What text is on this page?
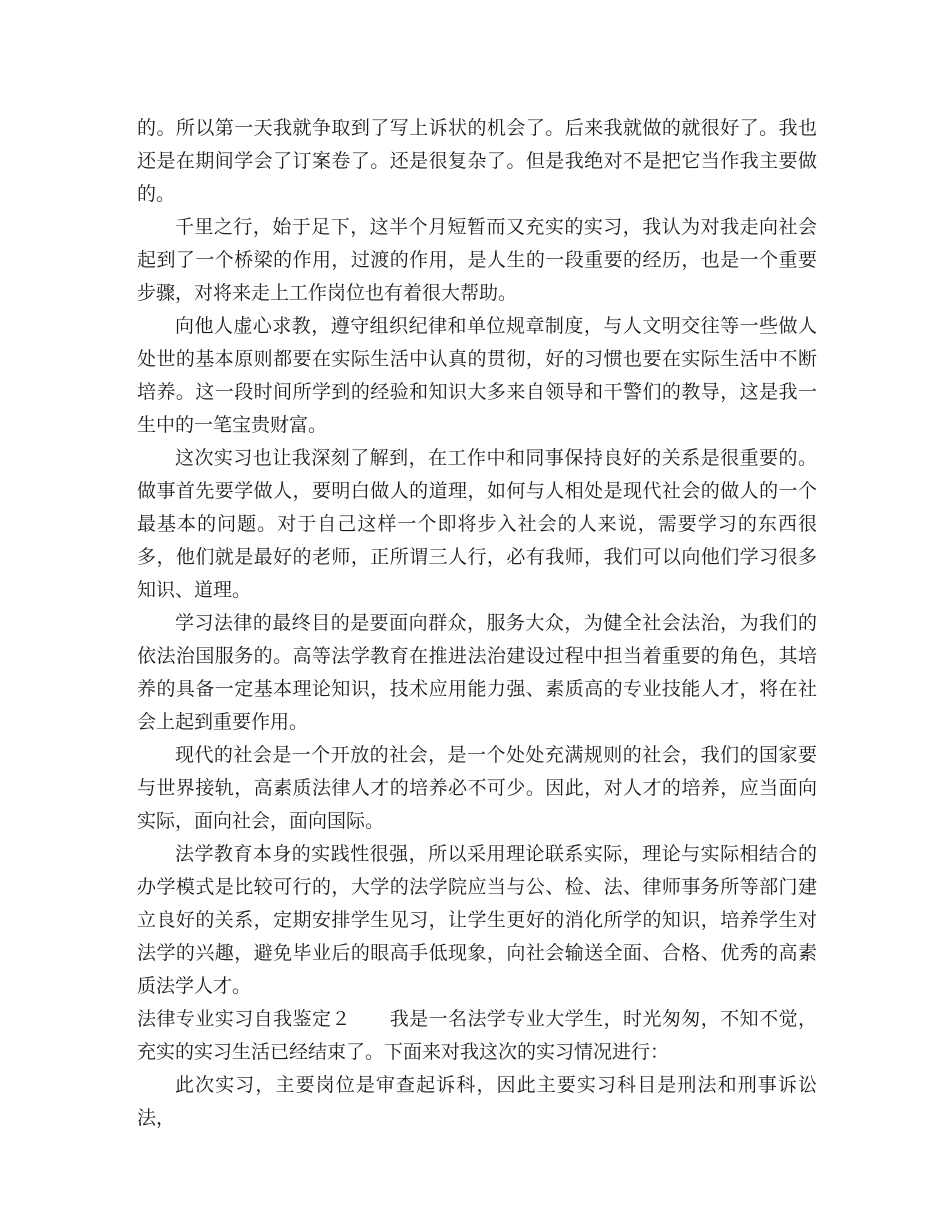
的。所以第一天我就争取到了写上诉状的机会了。后来我就做的就很好了。我也还是在期间学会了订案卷了。还是很复杂了。但是我绝对不是把它当作我主要做的。

千里之行，始于足下，这半个月短暂而又充实的实习，我认为对我走向社会起到了一个桥梁的作用，过渡的作用，是人生的一段重要的经历，也是一个重要步骤，对将来走上工作岗位也有着很大帮助。

向他人虚心求教，遵守组织纪律和单位规章制度，与人文明交往等一些做人处世的基本原则都要在实际生活中认真的贯彻，好的习惯也要在实际生活中不断培养。这一段时间所学到的经验和知识大多来自领导和干警们的教导，这是我一生中的一笔宝贵财富。

这次实习也让我深刻了解到，在工作中和同事保持良好的关系是很重要的。做事首先要学做人，要明白做人的道理，如何与人相处是现代社会的做人的一个最基本的问题。对于自己这样一个即将步入社会的人来说，需要学习的东西很多，他们就是最好的老师，正所谓三人行，必有我师，我们可以向他们学习很多知识、道理。

学习法律的最终目的是要面向群众，服务大众，为健全社会法治，为我们的依法治国服务的。高等法学教育在推进法治建设过程中担当着重要的角色，其培养的具备一定基本理论知识，技术应用能力强、素质高的专业技能人才，将在社会上起到重要作用。

现代的社会是一个开放的社会，是一个处处充满规则的社会，我们的国家要与世界接轨，高素质法律人才的培养必不可少。因此，对人才的培养，应当面向实际，面向社会，面向国际。

法学教育本身的实践性很强，所以采用理论联系实际，理论与实际相结合的办学模式是比较可行的，大学的法学院应当与公、检、法、律师事务所等部门建立良好的关系，定期安排学生见习，让学生更好的消化所学的知识，培养学生对法学的兴趣，避免毕业后的眼高手低现象，向社会输送全面、合格、优秀的高素质法学人才。

法律专业实习自我鉴定２ 我是一名法学专业大学生，时光匆匆，不知不觉，充实的实习生活已经结束了。下面来对我这次的实习情况进行：

此次实习，主要岗位是审查起诉科，因此主要实习科目是刑法和刑事诉讼法，
